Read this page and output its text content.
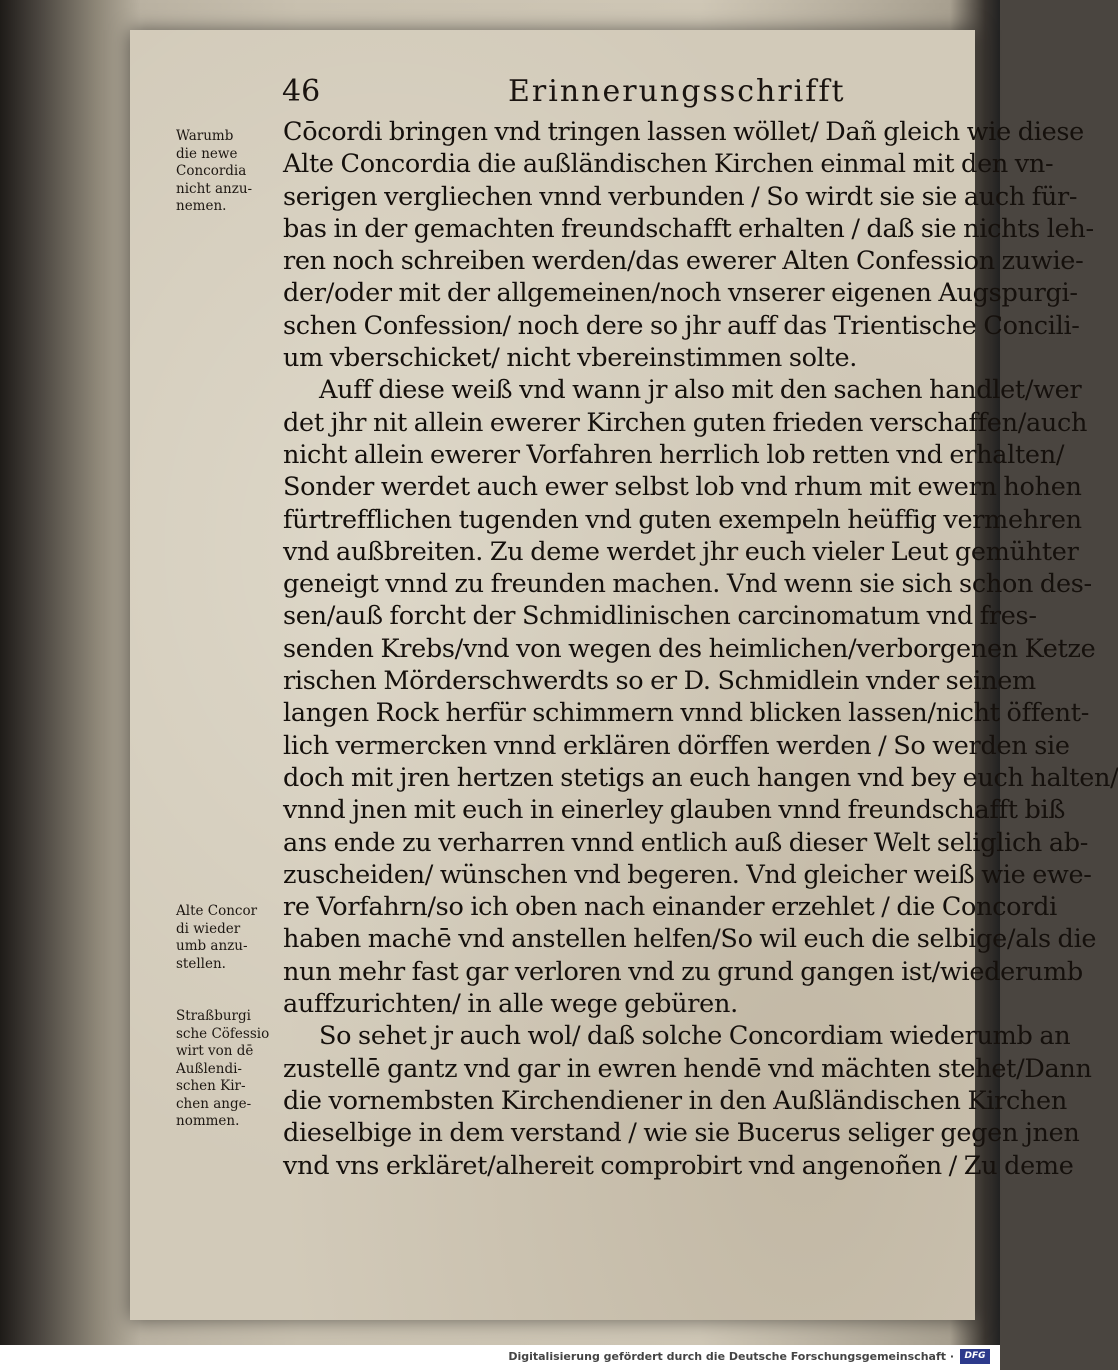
46	Erinnerungsschrifft
Warumb
die newe
Concordia
nicht anzu-
nemen.
Alte Concor
di wieder
umb anzu-
stellen.
Straßburgi
sche Cöfessio
wirt von dē
Außlendi-
schen Kir-
chen ange-
nommen.
Cōcordi bringen vnd tringen lassen wöllet/ Dañ gleich wie diese
Alte Concordia die außländischen Kirchen einmal mit den vn-
serigen vergliechen vnnd verbunden / So wirdt sie sie auch für-
bas in der gemachten freundschafft erhalten / daß sie nichts leh-
ren noch schreiben werden/das ewerer Alten Confession zuwie-
der/oder mit der allgemeinen/noch vnserer eigenen Augspurgi-
schen Confession/ noch dere so jhr auff das Trientische Concili-
um vberschicket/ nicht vbereinstimmen solte.
Auff diese weiß vnd wann jr also mit den sachen handlet/wer
det jhr nit allein ewerer Kirchen guten frieden verschaffen/auch
nicht allein ewerer Vorfahren herrlich lob retten vnd erhalten/
Sonder werdet auch ewer selbst lob vnd rhum mit ewern hohen
fürtrefflichen tugenden vnd guten exempeln heüffig vermehren
vnd außbreiten. Zu deme werdet jhr euch vieler Leut gemühter
geneigt vnnd zu freunden machen. Vnd wenn sie sich schon des-
sen/auß forcht der Schmidlinischen carcinomatum vnd fres-
senden Krebs/vnd von wegen des heimlichen/verborgenen Ketze
rischen Mörderschwerdts so er D. Schmidlein vnder seinem
langen Rock herfür schimmern vnnd blicken lassen/nicht öffent-
lich vermercken vnnd erklären dörffen werden / So werden sie
doch mit jren hertzen stetigs an euch hangen vnd bey euch halten/
vnnd jnen mit euch in einerley glauben vnnd freundschafft biß
ans ende zu verharren vnnd entlich auß dieser Welt seliglich ab-
zuscheiden/ wünschen vnd begeren. Vnd gleicher weiß wie ewe-
re Vorfahrn/so ich oben nach einander erzehlet / die Concordi
haben machē vnd anstellen helfen/So wil euch die selbige/als die
nun mehr fast gar verloren vnd zu grund gangen ist/wiederumb
auffzurichten/ in alle wege gebüren.
So sehet jr auch wol/ daß solche Concordiam wiederumb an
zustellē gantz vnd gar in ewren hendē vnd mächten stehet/Dann
die vornembsten Kirchendiener in den Außländischen Kirchen
dieselbige in dem verstand / wie sie Bucerus seliger gegen jnen
vnd vns erkläret/alhereit comprobirt vnd angenoñen / Zu deme
Digitalisierung gefördert durch die Deutsche Forschungsgemeinschaft ·	DFG
